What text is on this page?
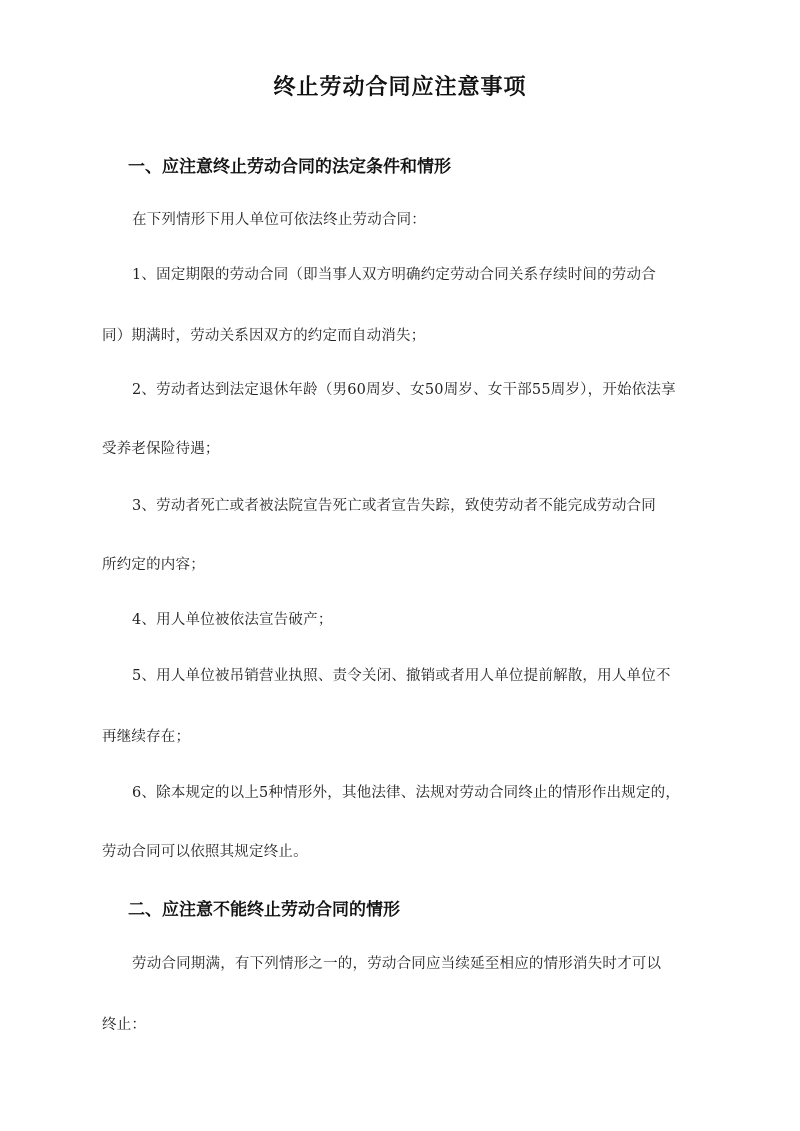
终止劳动合同应注意事项
一、应注意终止劳动合同的法定条件和情形
在下列情形下用人单位可依法终止劳动合同：
1、固定期限的劳动合同（即当事人双方明确约定劳动合同关系存续时间的劳动合
同）期满时，劳动关系因双方的约定而自动消失；
2、劳动者达到法定退休年龄（男60周岁、女50周岁、女干部55周岁），开始依法享
受养老保险待遇；
3、劳动者死亡或者被法院宣告死亡或者宣告失踪，致使劳动者不能完成劳动合同
所约定的内容；
4、用人单位被依法宣告破产；
5、用人单位被吊销营业执照、责令关闭、撤销或者用人单位提前解散，用人单位不
再继续存在；
6、除本规定的以上5种情形外，其他法律、法规对劳动合同终止的情形作出规定的，
劳动合同可以依照其规定终止。
二、应注意不能终止劳动合同的情形
劳动合同期满，有下列情形之一的，劳动合同应当续延至相应的情形消失时才可以
终止：
